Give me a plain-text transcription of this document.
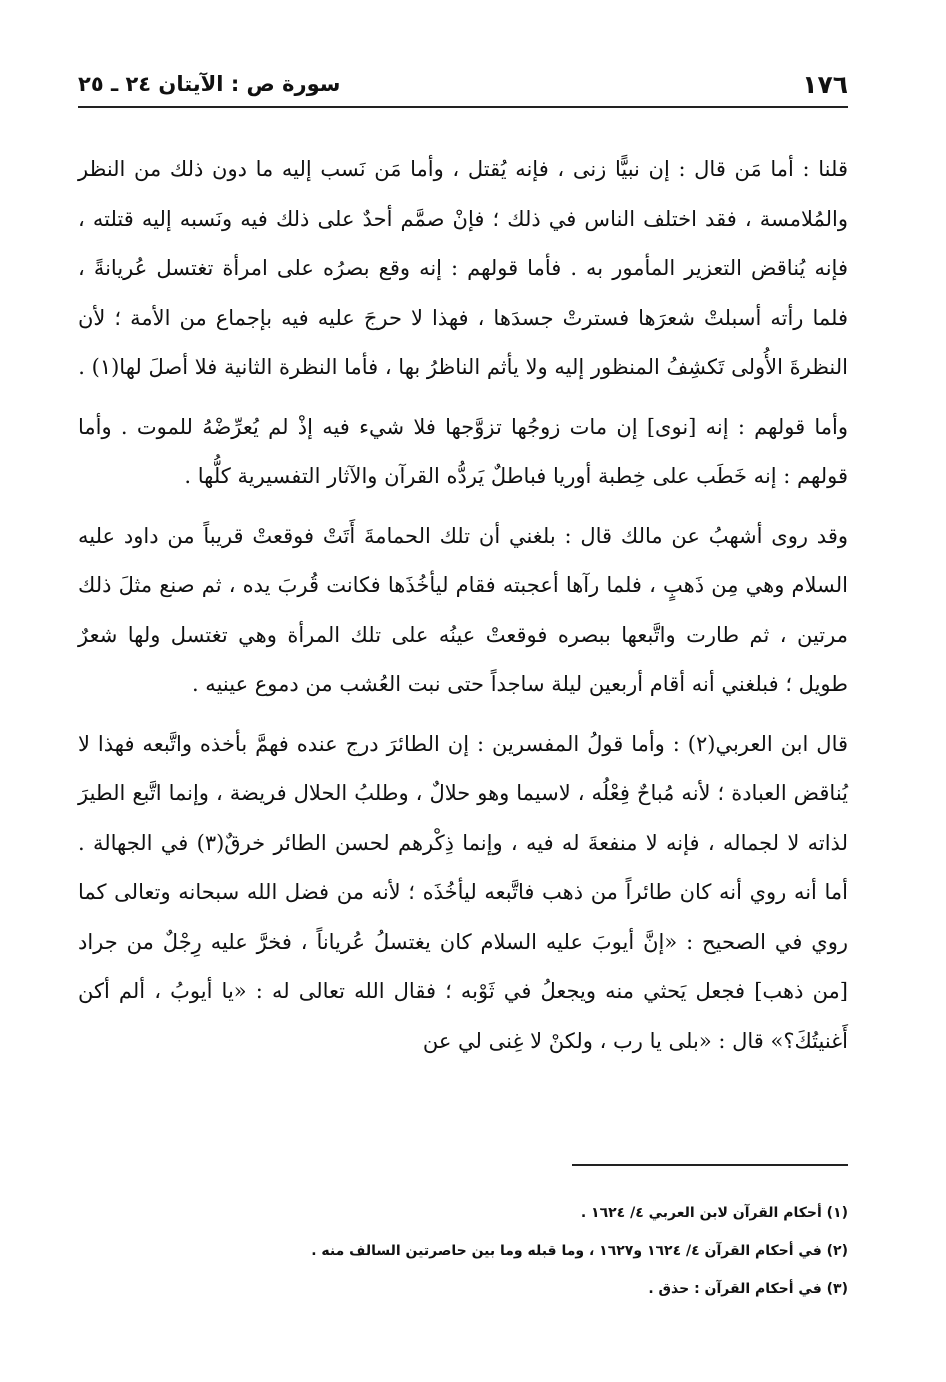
١٧٦
سورة ص : الآيتان ٢٤ ـ ٢٥

قلنا : أما مَن قال : إن نبيًّا زنى ، فإنه يُقتل ، وأما مَن نَسب إليه ما دون ذلك من النظر والمُلامسة ، فقد اختلف الناس في ذلك ؛ فإنْ صمَّم أحدٌ على ذلك فيه ونَسبه إليه قتلته ، فإنه يُناقض التعزير المأمور به . فأما قولهم : إنه وقع بصرُه على امرأة تغتسل عُريانةً ، فلما رأته أسبلتْ شعرَها فسترتْ جسدَها ، فهذا لا حرجَ عليه فيه بإجماع من الأمة ؛ لأن النظرةَ الأُولى تَكشِفُ المنظور إليه ولا يأثم الناظرُ بها ، فأما النظرة الثانية فلا أصلَ لها(١) .

وأما قولهم : إنه [نوى] إن مات زوجُها تزوَّجها فلا شيء فيه إذْ لم يُعرِّضْهُ للموت . وأما قولهم : إنه خَطَب على خِطبة أوريا فباطلٌ يَردُّه القرآن والآثار التفسيرية كلُّها .

وقد روى أشهبُ عن مالك قال : بلغني أن تلك الحمامةَ أَتَتْ فوقعتْ قريباً من داود عليه السلام وهي مِن ذَهبٍ ، فلما رآها أعجبته فقام ليأخُذَها فكانت قُربَ يده ، ثم صنع مثلَ ذلك مرتين ، ثم طارت واتَّبعها ببصره فوقعتْ عينُه على تلك المرأة وهي تغتسل ولها شعرٌ طويل ؛ فبلغني أنه أقام أربعين ليلة ساجداً حتى نبت العُشب من دموع عينيه .

قال ابن العربي(٢) : وأما قولُ المفسرين : إن الطائرَ درج عنده فهمَّ بأخذه واتَّبعه فهذا لا يُناقض العبادة ؛ لأنه مُباحٌ فِعْلُه ، لاسيما وهو حلالٌ ، وطلبُ الحلال فريضة ، وإنما اتَّبع الطيرَ لذاته لا لجماله ، فإنه لا منفعةَ له فيه ، وإنما ذِكْرهم لحسن الطائر خرقٌ(٣) في الجهالة . أما أنه روي أنه كان طائراً من ذهب فاتَّبعه ليأخُذَه ؛ لأنه من فضل الله سبحانه وتعالى كما روي في الصحيح : «إنَّ أيوبَ عليه السلام كان يغتسلُ عُرياناً ، فخرَّ عليه رِجْلٌ من جراد [من ذهب] فجعل يَحثي منه ويجعلُ في ثَوْبه ؛ فقال الله تعالى له : «يا أيوبُ ، ألم أكن أَغنيتُكَ؟» قال : «بلى يا رب ، ولكنْ لا غِنى لي عن

(١) أحكام القرآن لابن العربي ٤/ ١٦٢٤ .

(٢) في أحكام القرآن ٤/ ١٦٢٤ و١٦٢٧ ، وما قبله وما بين حاصرتين السالف منه .

(٣) في أحكام القرآن : حذق .
